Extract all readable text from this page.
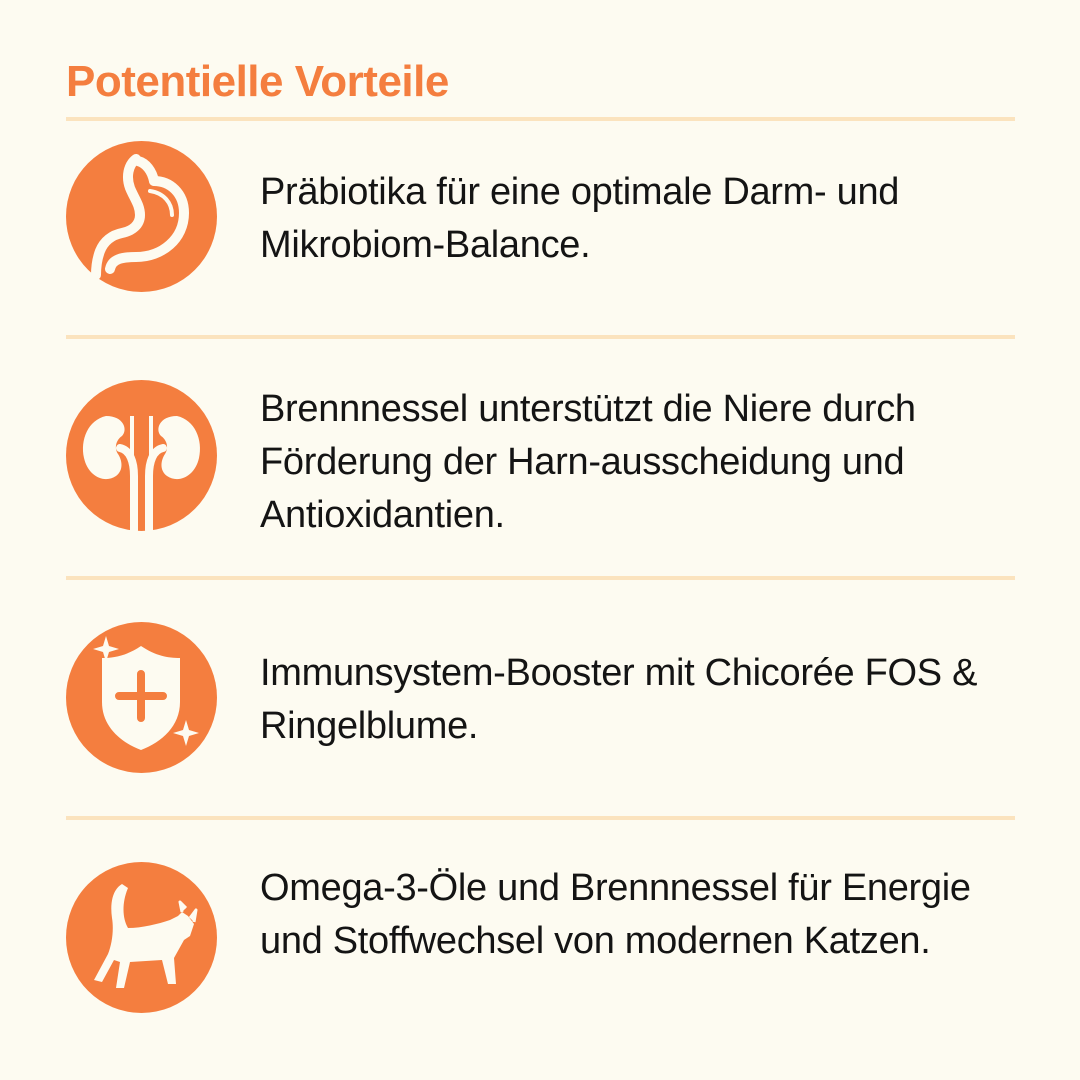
Potentielle Vorteile

Präbiotika für eine optimale Darm- und Mikrobiom-Balance.

Brennnessel unterstützt die Niere durch Förderung der Harn-ausscheidung und Antioxidantien.

Immunsystem-Booster mit Chicorée FOS & Ringelblume.

Omega-3-Öle und Brennnessel für Energie und Stoffwechsel von modernen Katzen.
